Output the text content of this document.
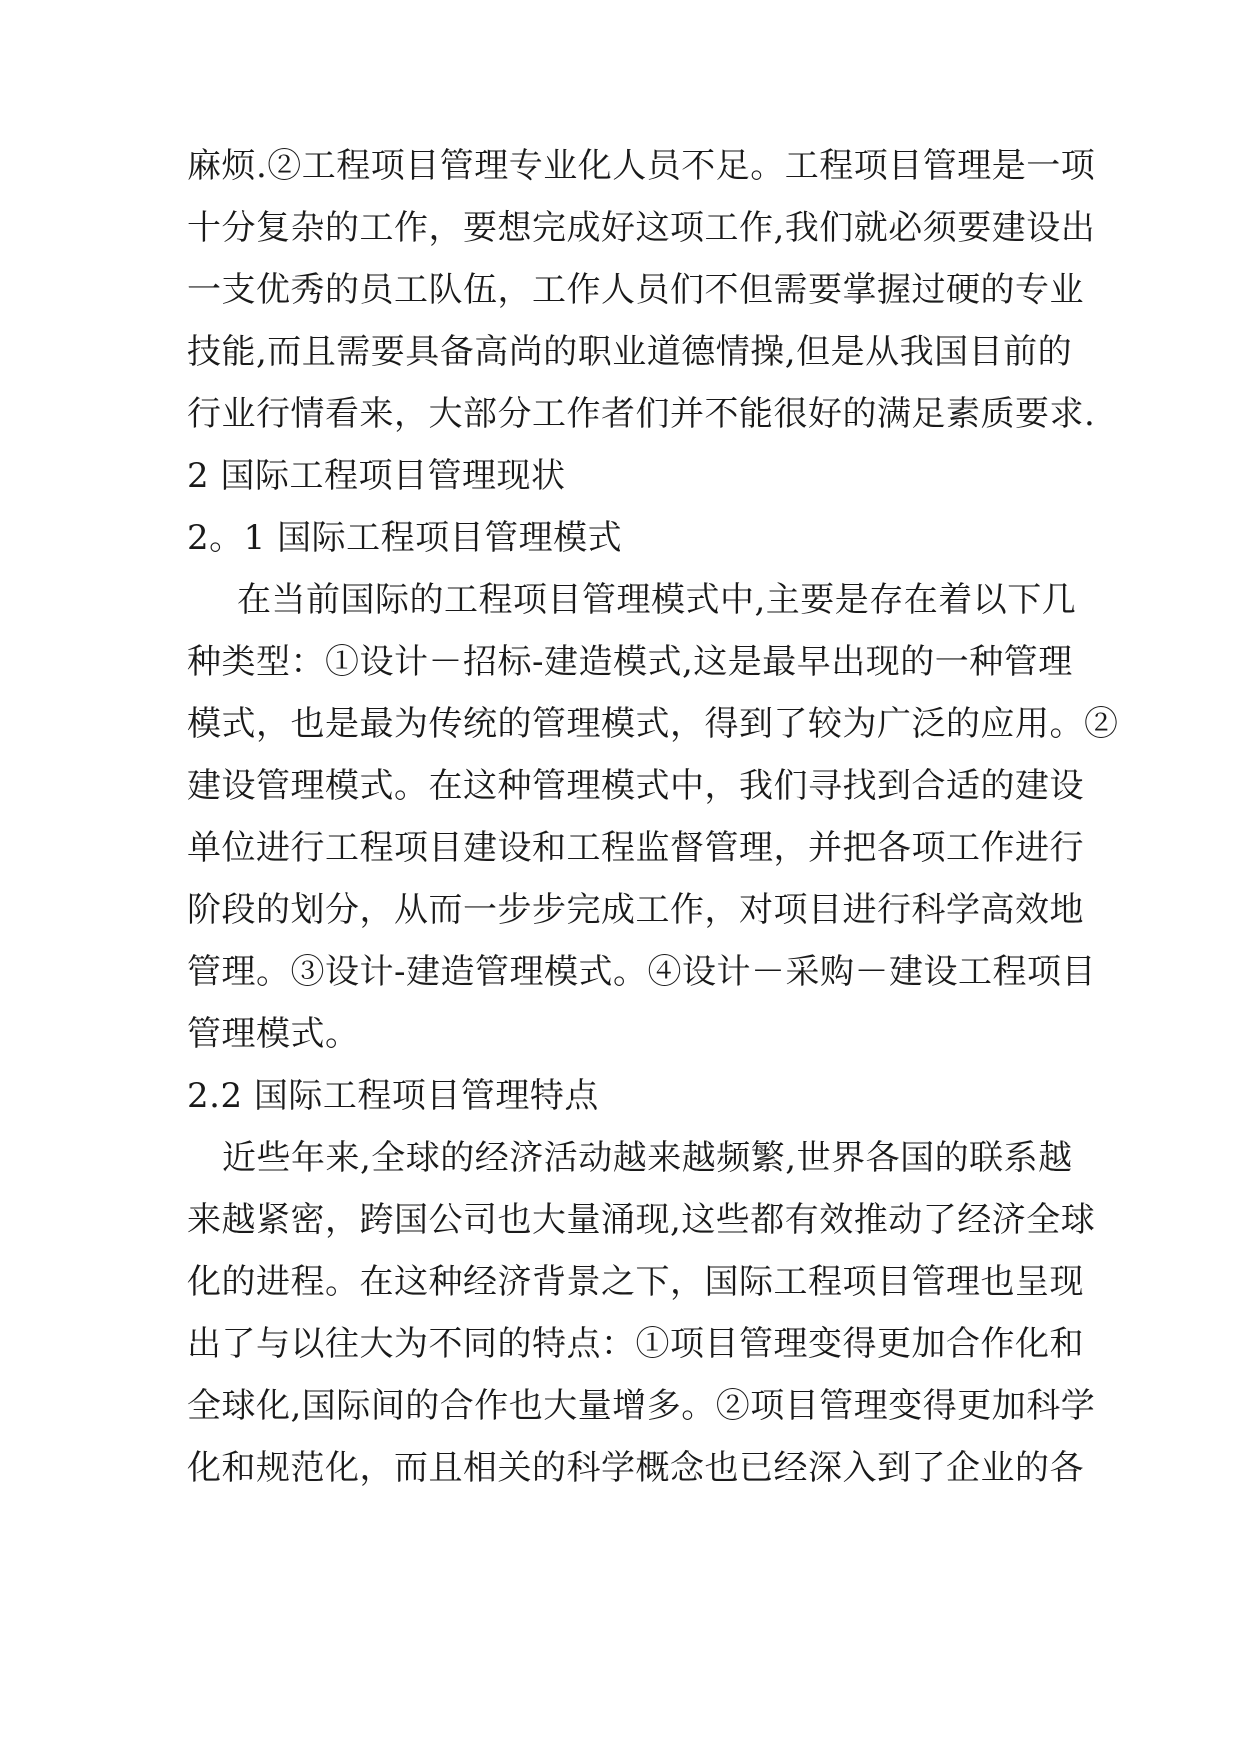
麻烦.②工程项目管理专业化人员不足。工程项目管理是一项
十分复杂的工作，要想完成好这项工作,我们就必须要建设出
一支优秀的员工队伍，工作人员们不但需要掌握过硬的专业
技能,而且需要具备高尚的职业道德情操,但是从我国目前的
行业行情看来，大部分工作者们并不能很好的满足素质要求.
2 国际工程项目管理现状
2。1 国际工程项目管理模式
在当前国际的工程项目管理模式中,主要是存在着以下几
种类型：①设计－招标-建造模式,这是最早出现的一种管理
模式，也是最为传统的管理模式，得到了较为广泛的应用。②
建设管理模式。在这种管理模式中，我们寻找到合适的建设
单位进行工程项目建设和工程监督管理，并把各项工作进行
阶段的划分，从而一步步完成工作，对项目进行科学高效地
管理。③设计-建造管理模式。④设计－采购－建设工程项目
管理模式。
2.2 国际工程项目管理特点
近些年来,全球的经济活动越来越频繁,世界各国的联系越
来越紧密，跨国公司也大量涌现,这些都有效推动了经济全球
化的进程。在这种经济背景之下，国际工程项目管理也呈现
出了与以往大为不同的特点：①项目管理变得更加合作化和
全球化,国际间的合作也大量增多。②项目管理变得更加科学
化和规范化，而且相关的科学概念也已经深入到了企业的各
